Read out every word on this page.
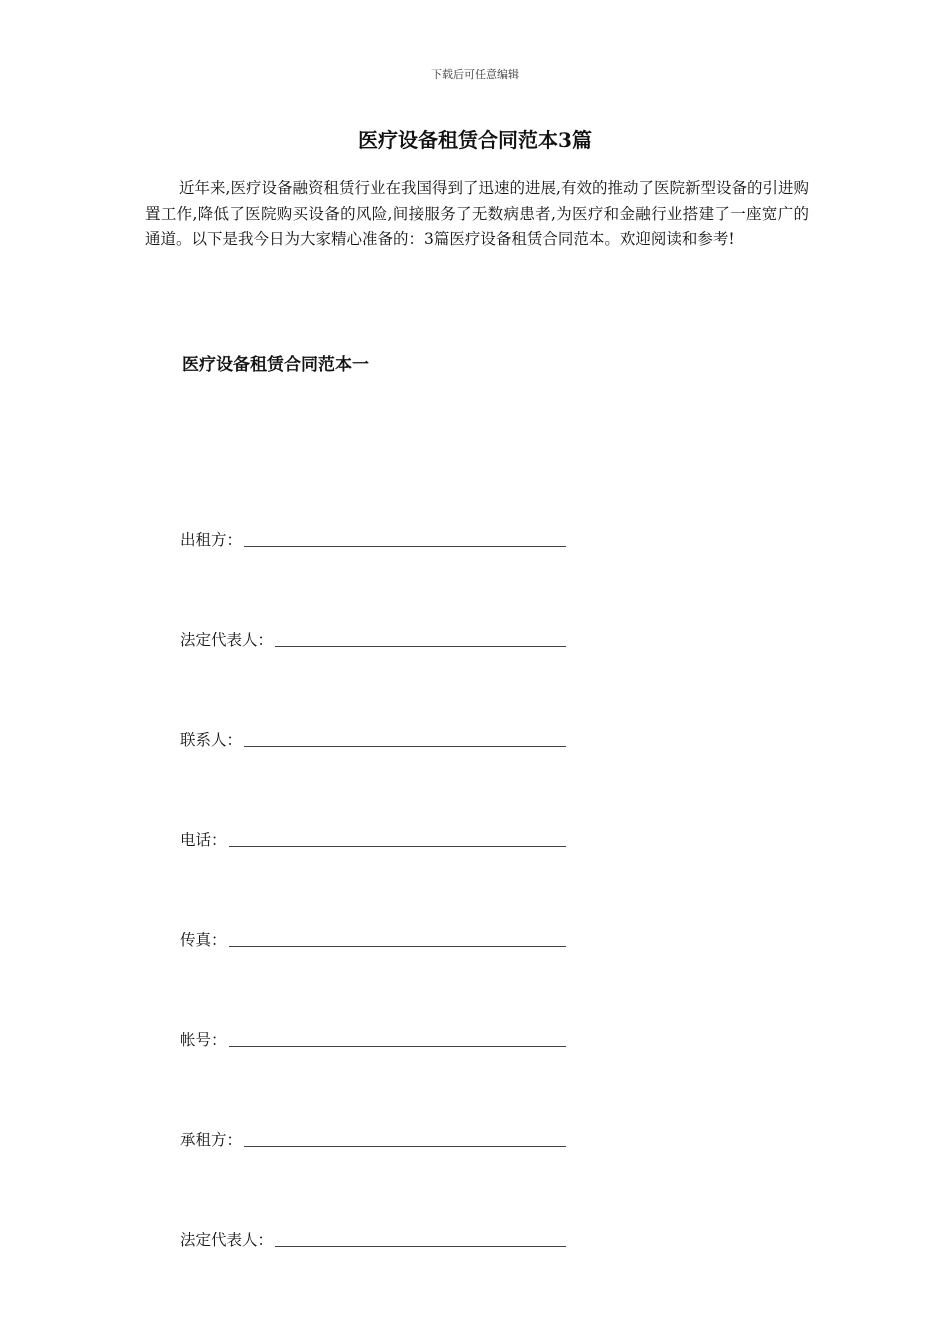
下载后可任意编辑
医疗设备租赁合同范本3篇

近年来,医疗设备融资租赁行业在我国得到了迅速的进展,有效的推动了医院新型设备的引进购置工作,降低了医院购买设备的风险,间接服务了无数病患者,为医疗和金融行业搭建了一座宽广的通道。以下是我今日为大家精心准备的：3篇医疗设备租赁合同范本。欢迎阅读和参考!

医疗设备租赁合同范本一
出租方：
法定代表人：
联系人：
电话：
传真：
帐号：
承租方：
法定代表人：
